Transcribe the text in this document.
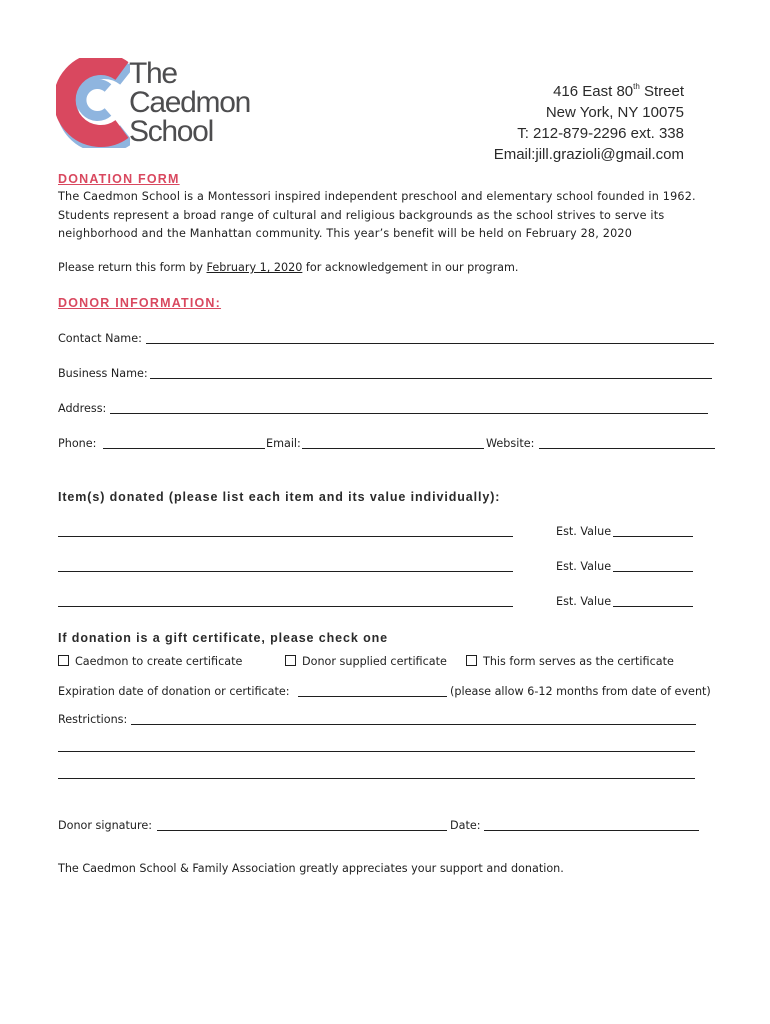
The
Caedmon
School
416 East 80th Street
New York, NY 10075
T: 212-879-2296 ext. 338
Email:jill.grazioli@gmail.com
DONATION FORM
The Caedmon School is a Montessori inspired independent preschool and elementary school founded in 1962. Students represent a broad range of cultural and religious backgrounds as the school strives to serve its neighborhood and the Manhattan community. This year’s benefit will be held on February 28, 2020
Please return this form by February 1, 2020 for acknowledgement in our program.
DONOR INFORMATION:
Contact Name:
Business Name:
Address:
Phone:	Email:	Website:
Item(s) donated (please list each item and its value individually):
Est. Value
Est. Value
Est. Value
If donation is a gift certificate, please check one
Caedmon to create certificate	Donor supplied certificate	This form serves as the certificate
Expiration date of donation or certificate:	(please allow 6-12 months from date of event)
Restrictions:
Donor signature:	Date:
The Caedmon School & Family Association greatly appreciates your support and donation.
